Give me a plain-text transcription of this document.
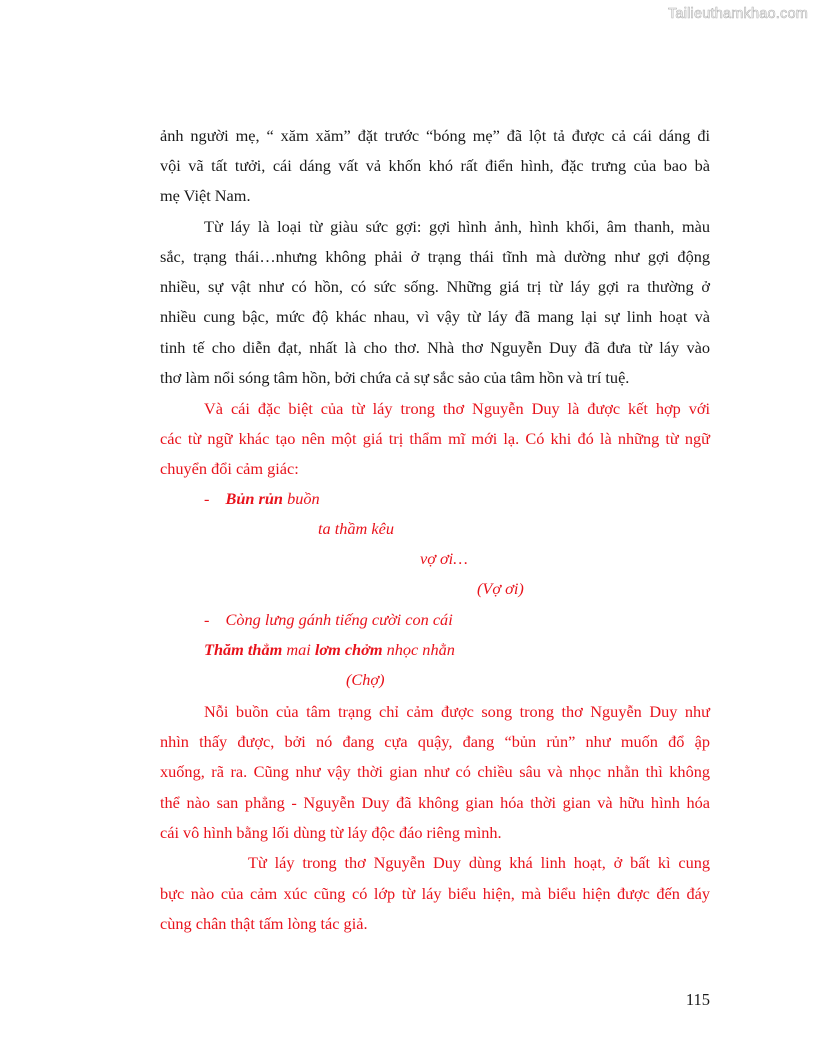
Tailieuthamkhao.com
ảnh người mẹ, “ xăm xăm” đặt trước “bóng mẹ” đã lột tả được cả cái dáng đi
vội vã tất tưởi, cái dáng vất vả khốn khó rất điển hình, đặc trưng của bao bà
mẹ Việt Nam.
Từ láy là loại từ giàu sức gợi: gợi hình ảnh, hình khối, âm thanh, màu
sắc, trạng thái…nhưng không phải ở trạng thái tĩnh mà dường như gợi động
nhiều, sự vật như có hồn, có sức sống. Những giá trị từ láy gợi ra thường ở
nhiều cung bậc, mức độ khác nhau, vì vậy từ láy đã mang lại sự linh hoạt và
tinh tế cho diễn đạt, nhất là cho thơ. Nhà thơ Nguyễn Duy đã đưa từ láy vào
thơ làm nổi sóng tâm hồn, bởi chứa cả sự sắc sảo của tâm hồn và trí tuệ.
Và cái đặc biệt của từ láy trong thơ Nguyễn Duy là được kết hợp với
các từ ngữ khác tạo nên một giá trị thẩm mĩ mới lạ. Có khi đó là những từ ngữ
chuyển đổi cảm giác:
- Bủn rủn buồn
ta thầm kêu
vợ ơi…
(Vợ ơi)
- Còng lưng gánh tiếng cười con cái
Thăm thẳm mai lơm chởm nhọc nhằn
(Chợ)
Nỗi buồn của tâm trạng chỉ cảm được song trong thơ Nguyễn Duy như
nhìn thấy được, bởi nó đang cựa quậy, đang “bủn rủn” như muốn đổ ập
xuống, rã ra. Cũng như vậy thời gian như có chiều sâu và nhọc nhằn thì không
thể nào san phẳng - Nguyễn Duy đã không gian hóa thời gian và hữu hình hóa
cái vô hình bằng lối dùng từ láy độc đáo riêng mình.
Từ láy trong thơ Nguyễn Duy dùng khá linh hoạt, ở bất kì cung
bực nào của cảm xúc cũng có lớp từ láy biểu hiện, mà biểu hiện được đến đáy
cùng chân thật tấm lòng tác giả.
115
